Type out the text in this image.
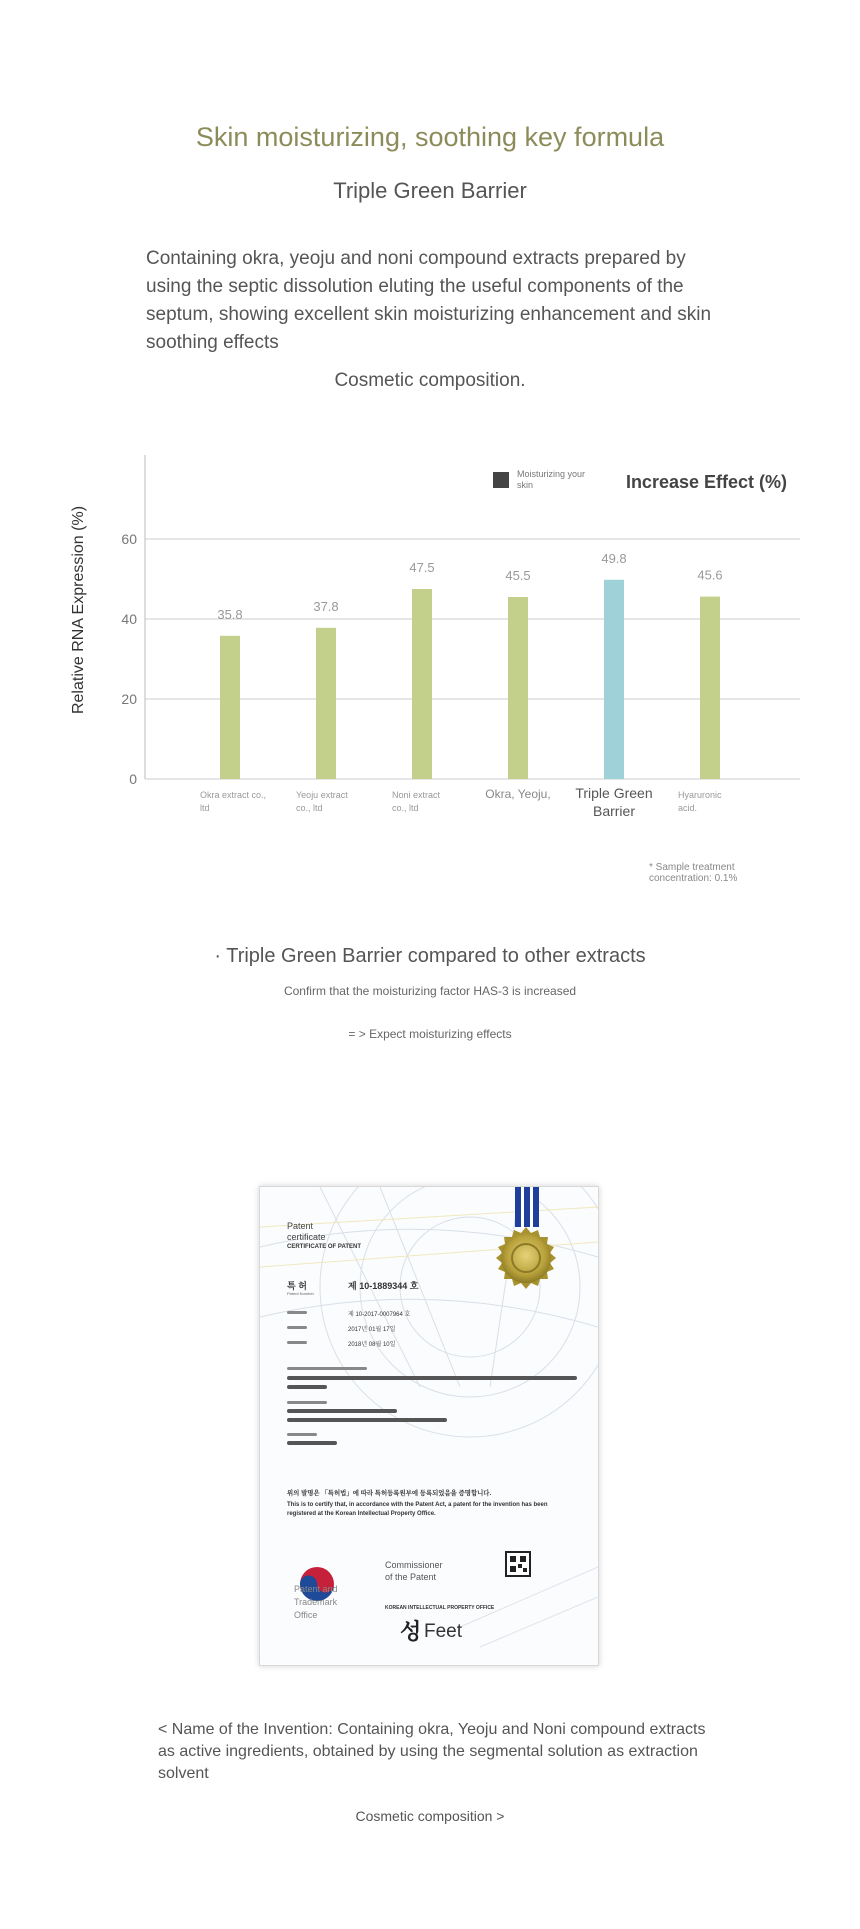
Skin moisturizing, soothing key formula
Triple Green Barrier
Containing okra, yeoju and noni compound extracts prepared by using the septic dissolution eluting the useful components of the septum, showing excellent skin moisturizing enhancement and skin soothing effects
Cosmetic composition.
0
20
40
60
35.8
37.8
47.5
45.5
49.8
45.6
Okra extract co., ltd
Yeoju extract co., ltd
Noni extract co., ltd
Okra, Yeoju, Triple Green Barrier
Hyaruronic acid.
Relative RNA Expression (%)
Moisturizing your skin	Increase Effect (%)
* Sample treatment concentration: 0.1%
· Triple Green Barrier compared to other extracts
Confirm that the moisturizing factor HAS-3 is increased
= > Expect moisturizing effects
Patent certificate
CERTIFICATE OF PATENT
특 허
Patent Number
제 10-1889344 호
제 10-2017-0007964 호
2017년 01월 17일
2018년 08월 10일
위의 발명은 「특허법」에 따라 특허등록원부에 등록되었음을 증명합니다.
This is to certify that, in accordance with the Patent Act, a patent for the invention has been registered at the Korean Intellectual Property Office.
Patent and Trademark Office
Commissioner of the Patent
KOREAN INTELLECTUAL PROPERTY OFFICE
성 Feet
< Name of the Invention: Containing okra, Yeoju and Noni compound extracts as active ingredients, obtained by using the segmental solution as extraction solvent
Cosmetic composition >
